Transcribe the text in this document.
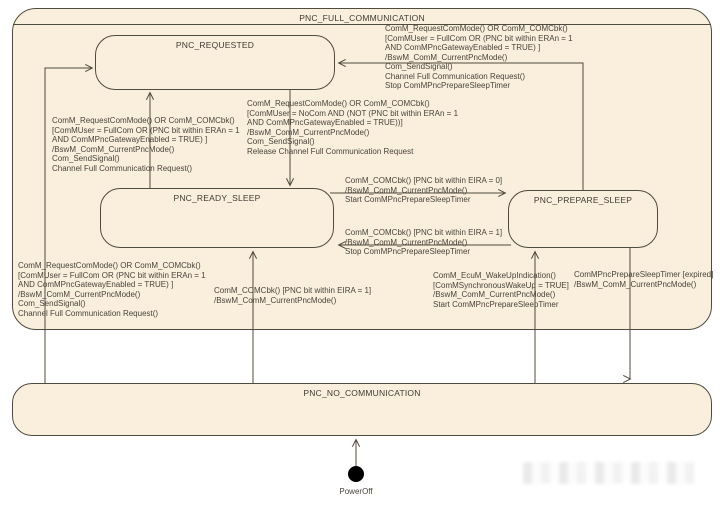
PNC_FULL_COMMUNICATION
PNC_REQUESTED
PNC_READY_SLEEP	PNC_PREPARE_SLEEP
PNC_NO_COMMUNICATION
ComM_RequestComMode() OR ComM_COMCbk()
[ComMUser = FullCom OR (PNC bit within ERAn = 1
AND ComMPncGatewayEnabled = TRUE) ]
/BswM_ComM_CurrentPncMode()
Com_SendSignal()
Channel Full Communication Request()
ComM_RequestComMode() OR ComM_COMCbk()
[ComMUser = FullCom OR (PNC bit within ERAn = 1
AND ComMPncGatewayEnabled = TRUE) ]
/BswM_ComM_CurrentPncMode()
Com_SendSignal()
Channel Full Communication Request()
ComM_RequestComMode() OR ComM_COMCbk()
[ComMUser = NoCom AND (NOT (PNC bit within ERAn = 1
AND ComMPncGatewayEnabled = TRUE))]
/BswM_ComM_CurrentPncMode()
Com_SendSignal()
Release Channel Full Communication Request
ComM_RequestComMode() OR ComM_COMCbk()
[ComMUser = FullCom OR (PNC bit within ERAn = 1
AND ComMPncGatewayEnabled = TRUE) ]
/BswM_ComM_CurrentPncMode()
Com_SendSignal()
Channel Full Communication Request()
Stop ComMPncPrepareSleepTimer
ComM_COMCbk() [PNC bit within EIRA = 0]
/BswM_ComM_CurrentPncMode()
Start ComMPncPrepareSleepTimer
ComM_COMCbk() [PNC bit within EIRA = 1]
/BswM_ComM_CurrentPncMode()
Stop ComMPncPrepareSleepTimer
ComM_COMCbk() [PNC bit within EIRA = 1]
/BswM_ComM_CurrentPncMode()
ComM_EcuM_WakeUpIndication()
[ComMSynchronousWakeUp = TRUE]
/BswM_ComM_CurrentPncMode()
Start ComMPncPrepareSleepTimer
ComMPncPrepareSleepTimer [expired]
/BswM_ComM_CurrentPncMode()
PowerOff
